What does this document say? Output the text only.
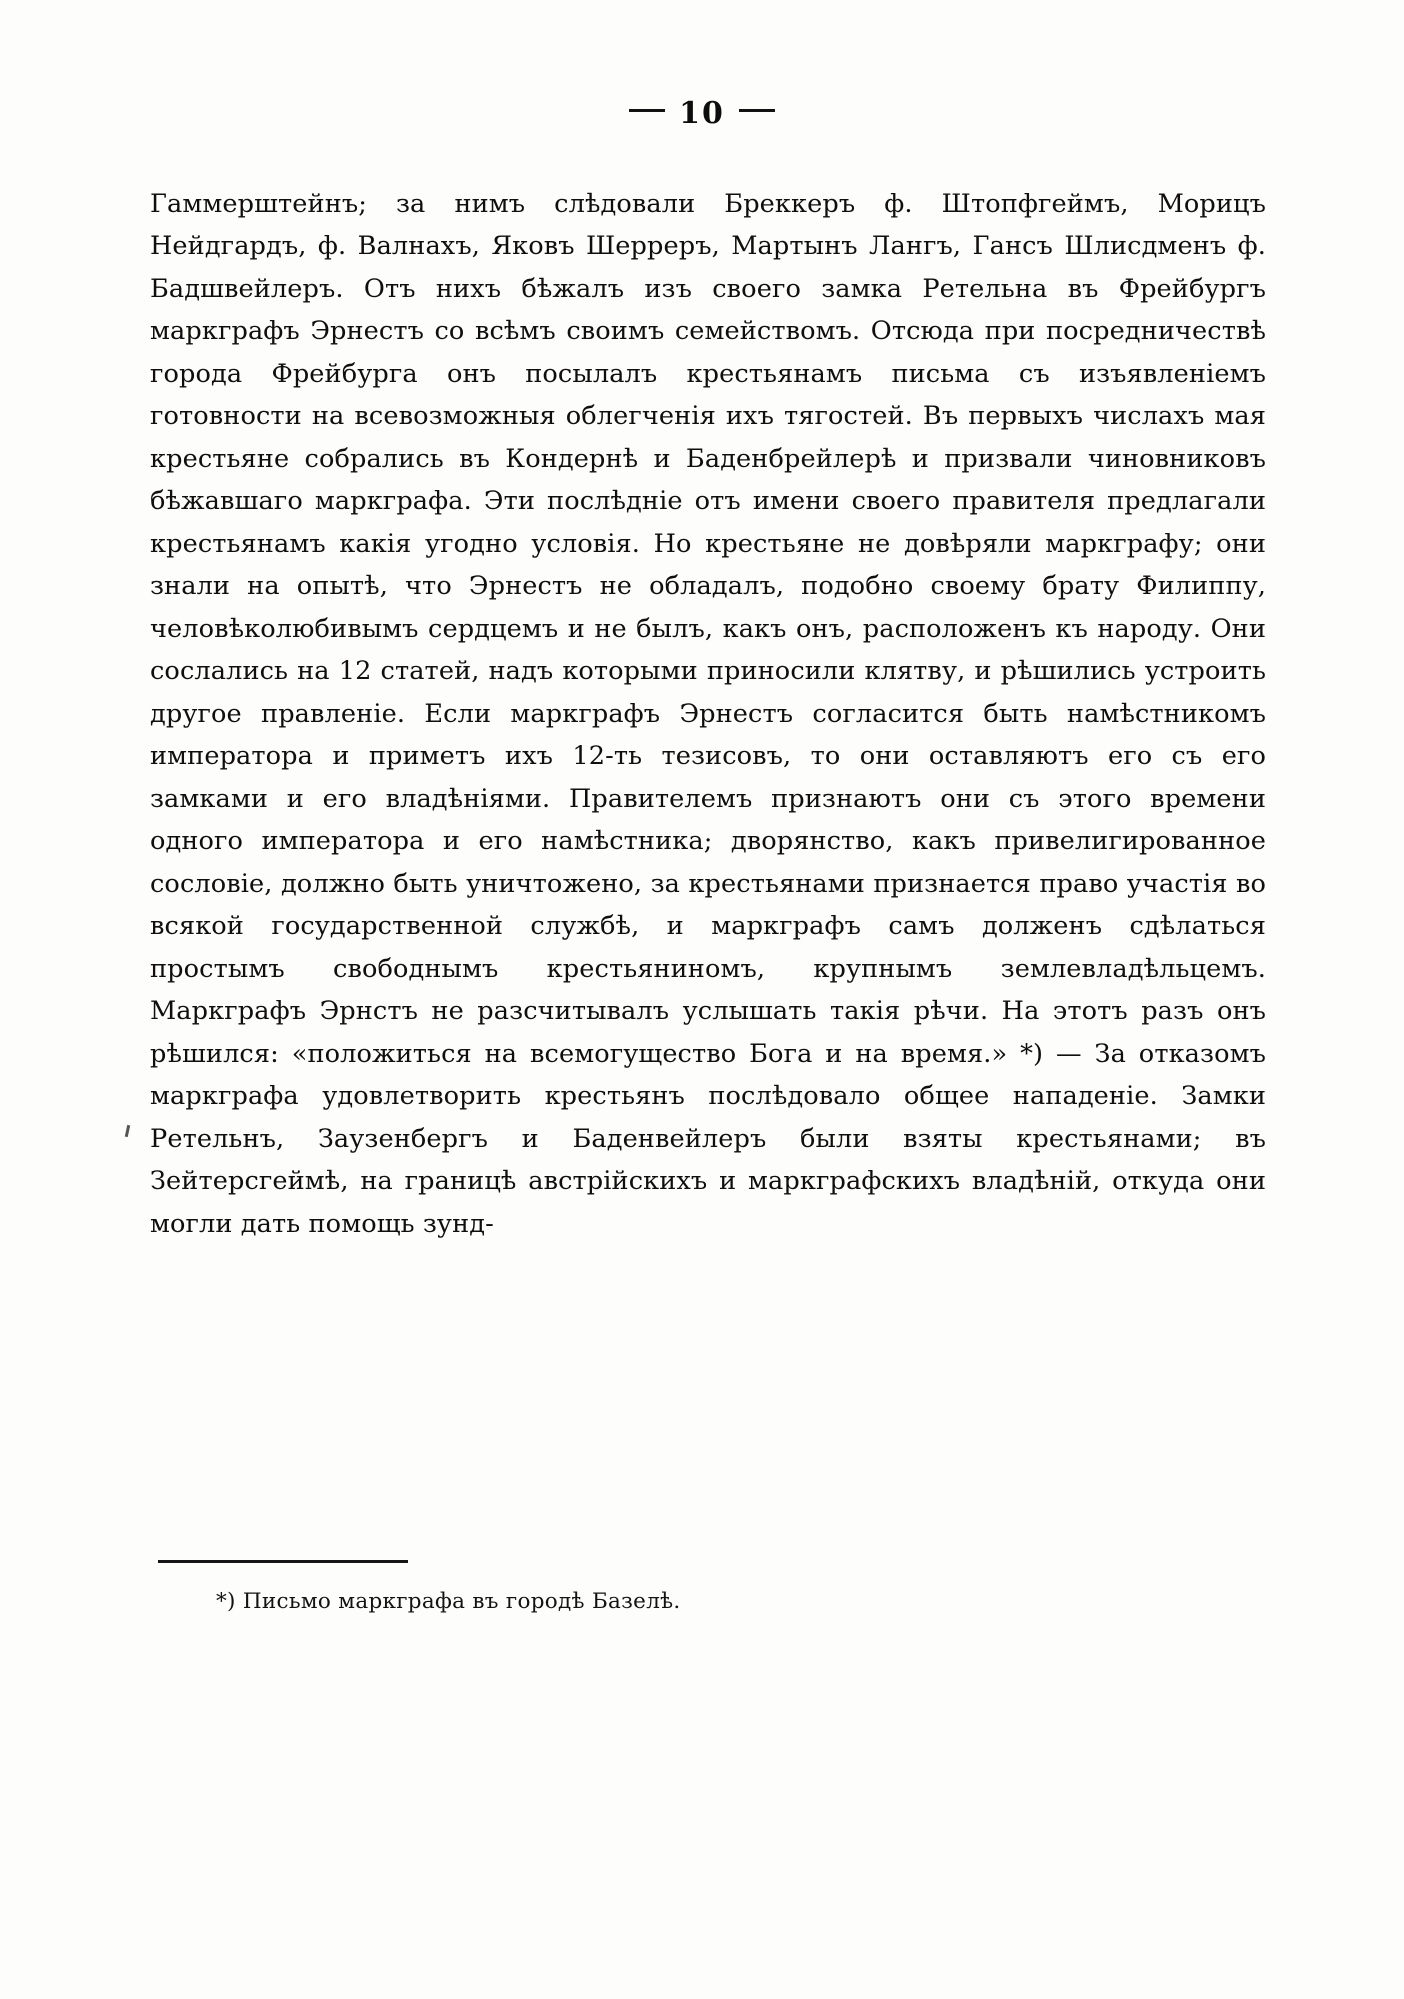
10

Гаммерштейнъ; за нимъ слѣдовали Бреккеръ ф. Штопфгеймъ, Морицъ Нейдгардъ, ф. Валнахъ, Яковъ Шерреръ, Мартынъ Лангъ, Гансъ Шлисдменъ ф. Бадшвейлеръ. Отъ нихъ бѣжалъ изъ своего замка Ретельна въ Фрейбургъ маркграфъ Эрнестъ со всѣмъ своимъ семействомъ. Отсюда при посредничествѣ города Фрейбурга онъ посылалъ крестьянамъ письма съ изъявленіемъ готовности на всевозможныя облегченія ихъ тягостей. Въ первыхъ числахъ мая крестьяне собрались въ Кондернѣ и Баденбрейлерѣ и призвали чиновниковъ бѣжавшаго маркграфа. Эти послѣдніе отъ имени своего правителя предлагали крестьянамъ какія угодно условія. Но крестьяне не довѣряли маркграфу; они знали на опытѣ, что Эрнестъ не обладалъ, подобно своему брату Филиппу, человѣколюбивымъ сердцемъ и не былъ, какъ онъ, расположенъ къ народу. Они сослались на 12 статей, надъ которыми приносили клятву, и рѣшились устроить другое правленіе. Если маркграфъ Эрнестъ согласится быть намѣстникомъ императора и приметъ ихъ 12-ть тезисовъ, то они оставляютъ его съ его замками и его владѣніями. Правителемъ признаютъ они съ этого времени одного императора и его намѣстника; дворянство, какъ привелигированное сословіе, должно быть уничтожено, за крестьянами признается право участія во всякой государственной службѣ, и маркграфъ самъ долженъ сдѣлаться простымъ свободнымъ крестьяниномъ, крупнымъ землевладѣльцемъ. Маркграфъ Эрнстъ не разсчитывалъ услышать такія рѣчи. На этотъ разъ онъ рѣшился: «положиться на всемогущество Бога и на время.» *) — За отказомъ маркграфа удовлетворить крестьянъ послѣдовало общее нападеніе. Замки Ретельнъ, Заузенбергъ и Баденвейлеръ были взяты крестьянами; въ Зейтерсгеймѣ, на границѣ австрійскихъ и маркграфскихъ владѣній, откуда они могли дать помощь зунд-

*) Письмо маркграфа въ городѣ Базелѣ.
